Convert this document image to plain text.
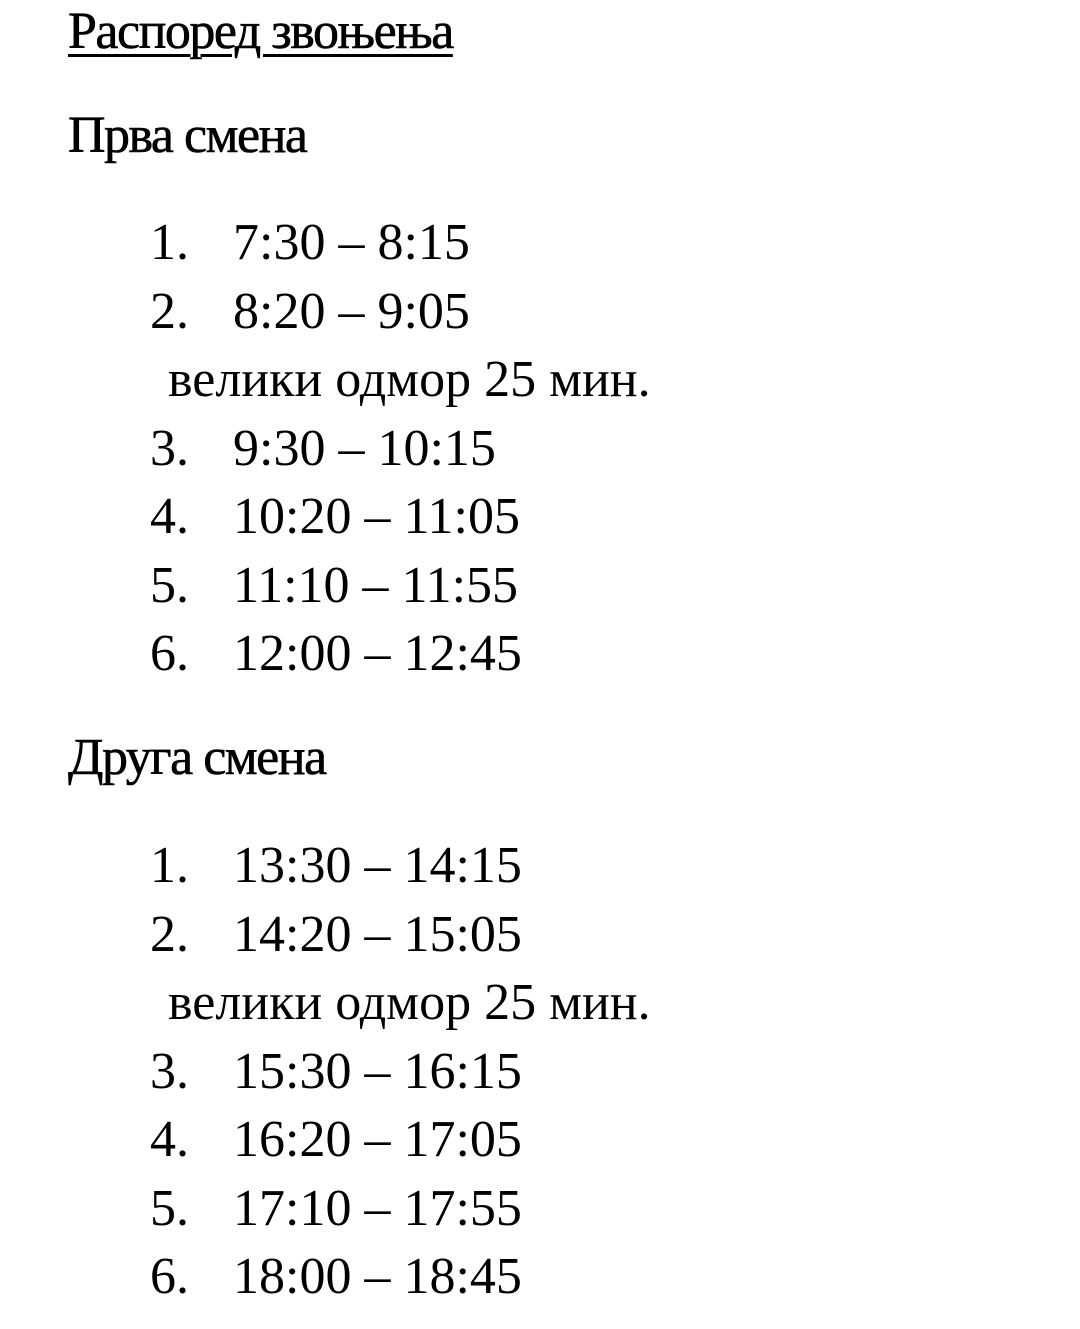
Распоред звоњења
Прва смена
1. 7:30 – 8:15
2. 8:20 – 9:05
велики одмор 25 мин.
3. 9:30 – 10:15
4. 10:20 – 11:05
5. 11:10 – 11:55
6. 12:00 – 12:45
Друга смена
1. 13:30 – 14:15
2. 14:20 – 15:05
велики одмор 25 мин.
3. 15:30 – 16:15
4. 16:20 – 17:05
5. 17:10 – 17:55
6. 18:00 – 18:45
